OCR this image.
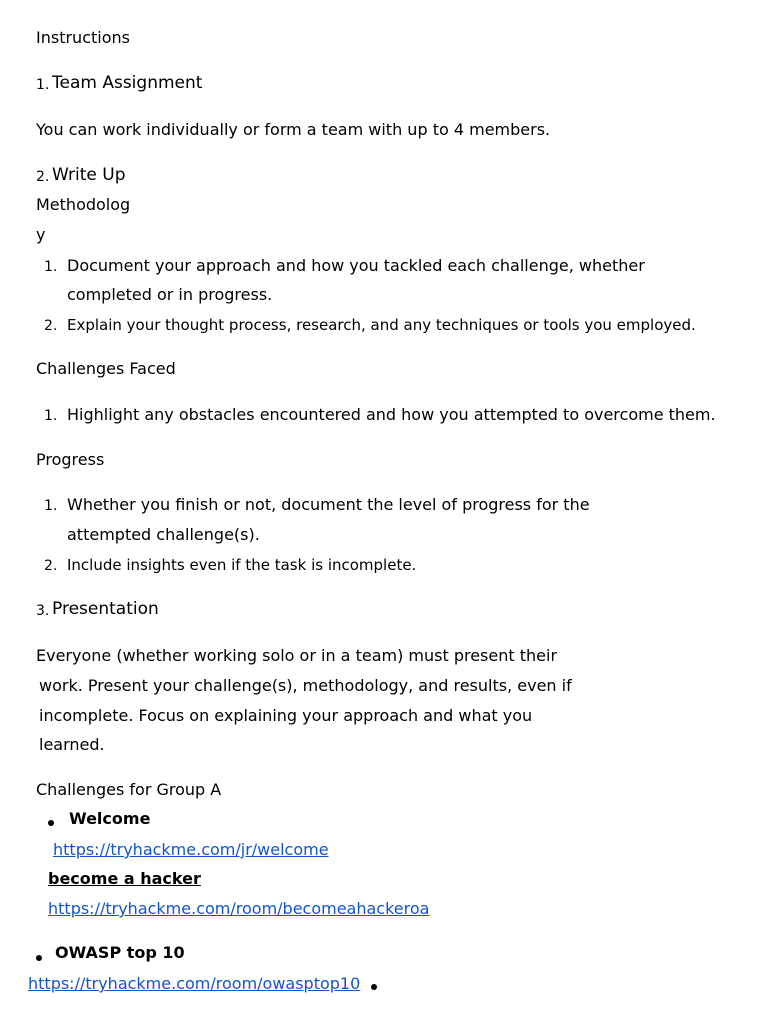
Instructions
1. Team Assignment
You can work individually or form a team with up to 4 members.
2. Write Up
Methodolog
y
1. Document your approach and how you tackled each challenge, whether
completed or in progress.
2. Explain your thought process, research, and any techniques or tools you employed.
Challenges Faced
1. Highlight any obstacles encountered and how you attempted to overcome them.
Progress
1. Whether you finish or not, document the level of progress for the
attempted challenge(s).
2. Include insights even if the task is incomplete.
3. Presentation
Everyone (whether working solo or in a team) must present their
work. Present your challenge(s), methodology, and results, even if
incomplete. Focus on explaining your approach and what you
learned.
Challenges for Group A
Welcome
https://tryhackme.com/jr/welcome
become a hacker
https://tryhackme.com/room/becomeahackeroa
OWASP top 10
https://tryhackme.com/room/owasptop10
